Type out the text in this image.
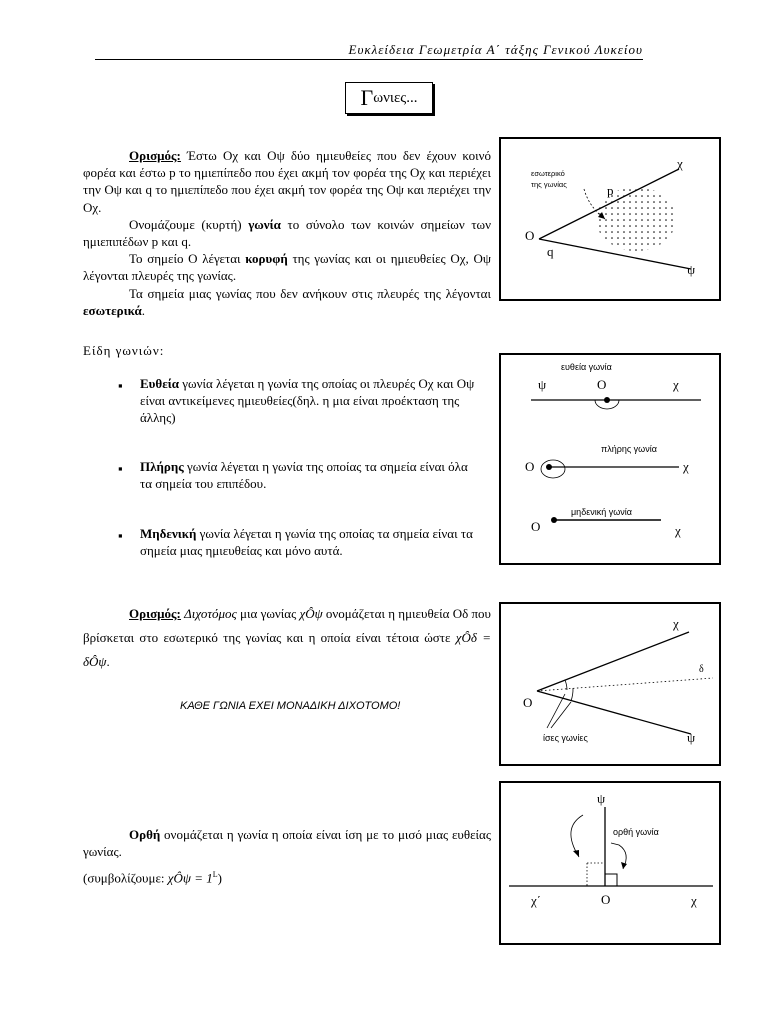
Ευκλείδεια Γεωμετρία Α΄ τάξης Γενικού Λυκείου
Γ ωνιες...
Ορισμός: Έστω Οχ και Οψ δύο ημιευθείες που δεν έχουν κοινό φορέα και έστω p το ημιεπίπεδο που έχει ακμή τον φορέα της Οχ και περιέχει την Οψ και q το ημιεπίπεδο που έχει ακμή τον φορέα της Οψ και περιέχει την Οχ.
Ονομάζουμε (κυρτή) γωνία το σύνολο των κοινών σημείων των ημιεπιπέδων p και q.
Το σημείο Ο λέγεται κορυφή της γωνίας και οι ημιευθείες Οχ, Οψ λέγονται πλευρές της γωνίας.
Τα σημεία μιας γωνίας που δεν ανήκουν στις πλευρές της λέγονται εσωτερικά.
εσωτερικό
της γωνίας	p
q
O
χ
ψ
Είδη γωνιών:
▪ Ευθεία γωνία λέγεται η γωνία της οποίας οι πλευρές Οχ και Οψ είναι αντικείμενες ημιευθείες(δηλ. η μια είναι προέκταση της άλλης)
▪ Πλήρης γωνία λέγεται η γωνία της οποίας τα σημεία είναι όλα τα σημεία του επιπέδου.
▪ Μηδενική γωνία λέγεται η γωνία της οποίας τα σημεία είναι τα σημεία μιας ημιευθείας και μόνο αυτά.
ευθεία γωνία
ψ	O	χ
πλήρης γωνία
O	χ
μηδενική γωνία
O	χ
Ορισμός: Διχοτόμος μια γωνίας χÔψ ονομάζεται η ημιευθεία Οδ που βρίσκεται στο εσωτερικό της γωνίας και η οποία είναι τέτοια ώστε χÔδ = δÔψ.
ΚΑΘΕ ΓΩΝΙΑ ΕΧΕΙ ΜΟΝΑΔΙΚΗ ΔΙΧΟΤΟΜΟ!	O
χ
δ
ψ
ίσες γωνίες
Ορθή ονομάζεται η γωνία η οποία είναι ίση με το μισό μιας ευθείας γωνίας.
(συμβολίζουμε: χÔψ = $1^L$)
ψ
ορθή γωνία
O	χ
χ΄
